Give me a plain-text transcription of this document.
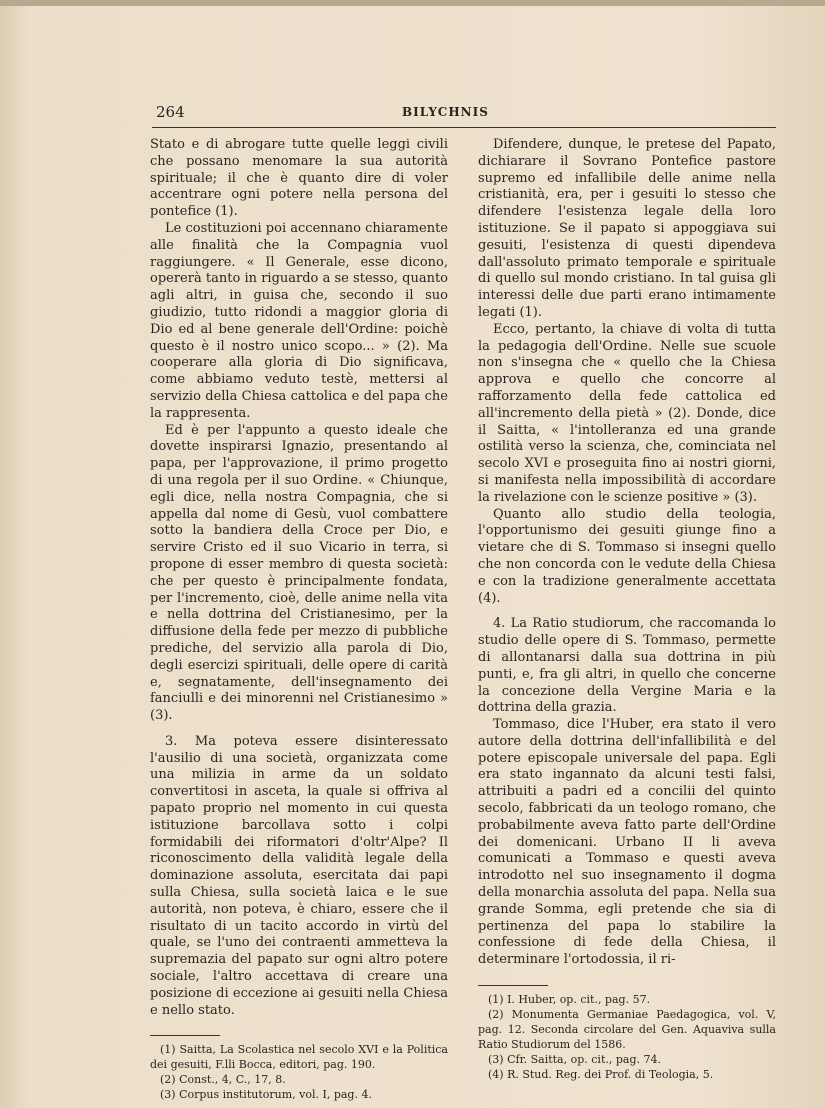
264	BILYCHNIS

Stato e di abrogare tutte quelle leggi civili che possano menomare la sua autorità spirituale; il che è quanto dire di voler accentrare ogni potere nella persona del pontefice (1).

Le costituzioni poi accennano chiaramente alle finalità che la Compagnia vuol raggiungere. « Il Generale, esse dicono, opererà tanto in riguardo a se stesso, quanto agli altri, in guisa che, secondo il suo giudizio, tutto ridondi a maggior gloria di Dio ed al bene generale dell'Ordine: poichè questo è il nostro unico scopo... » (2). Ma cooperare alla gloria di Dio significava, come abbiamo veduto testè, mettersi al servizio della Chiesa cattolica e del papa che la rappresenta.

Ed è per l'appunto a questo ideale che dovette inspirarsi Ignazio, presentando al papa, per l'approvazione, il primo progetto di una regola per il suo Ordine. « Chiunque, egli dice, nella nostra Compagnia, che si appella dal nome di Gesù, vuol combattere sotto la bandiera della Croce per Dio, e servire Cristo ed il suo Vicario in terra, si propone di esser membro di questa società: che per questo è principalmente fondata, per l'incremento, cioè, delle anime nella vita e nella dottrina del Cristianesimo, per la diffusione della fede per mezzo di pubbliche prediche, del servizio alla parola di Dio, degli esercizi spirituali, delle opere di carità e, segnatamente, dell'insegnamento dei fanciulli e dei minorenni nel Cristianesimo » (3).

3. Ma poteva essere disinteressato l'ausilio di una società, organizzata come una milizia in arme da un soldato convertitosi in asceta, la quale si offriva al papato proprio nel momento in cui questa istituzione barcollava sotto i colpi formidabili dei riformatori d'oltr'Alpe? Il riconoscimento della validità legale della dominazione assoluta, esercitata dai papi sulla Chiesa, sulla società laica e le sue autorità, non poteva, è chiaro, essere che il risultato di un tacito accordo in virtù del quale, se l'uno dei contraenti ammetteva la supremazia del papato sur ogni altro potere sociale, l'altro accettava di creare una posizione di eccezione ai gesuiti nella Chiesa e nello stato.

(1) Saitta, La Scolastica nel secolo XVI e la Politica dei gesuiti, F.lli Bocca, editori, pag. 190.
(2) Const., 4, C., 17, 8.
(3) Corpus institutorum, vol. I, pag. 4.

Difendere, dunque, le pretese del Papato, dichiarare il Sovrano Pontefice pastore supremo ed infallibile delle anime nella cristianità, era, per i gesuiti lo stesso che difendere l'esistenza legale della loro istituzione. Se il papato si appoggiava sui gesuiti, l'esistenza di questi dipendeva dall'assoluto primato temporale e spirituale di quello sul mondo cristiano. In tal guisa gli interessi delle due parti erano intimamente legati (1).

Ecco, pertanto, la chiave di volta di tutta la pedagogia dell'Ordine. Nelle sue scuole non s'insegna che « quello che la Chiesa approva e quello che concorre al rafforzamento della fede cattolica ed all'incremento della pietà » (2). Donde, dice il Saitta, « l'intolleranza ed una grande ostilità verso la scienza, che, cominciata nel secolo XVI e proseguita fino ai nostri giorni, si manifesta nella impossibilità di accordare la rivelazione con le scienze positive » (3).

Quanto allo studio della teologia, l'opportunismo dei gesuiti giunge fino a vietare che di S. Tommaso si insegni quello che non concorda con le vedute della Chiesa e con la tradizione generalmente accettata (4).

4. La Ratio studiorum, che raccomanda lo studio delle opere di S. Tommaso, permette di allontanarsi dalla sua dottrina in più punti, e, fra gli altri, in quello che concerne la concezione della Vergine Maria e la dottrina della grazia.

Tommaso, dice l'Huber, era stato il vero autore della dottrina dell'infallibilità e del potere episcopale universale del papa. Egli era stato ingannato da alcuni testi falsi, attribuiti a padri ed a concilii del quinto secolo, fabbricati da un teologo romano, che probabilmente aveva fatto parte dell'Ordine dei domenicani. Urbano II li aveva comunicati a Tommaso e questi aveva introdotto nel suo insegnamento il dogma della monarchia assoluta del papa. Nella sua grande Somma, egli pretende che sia di pertinenza del papa lo stabilire la confessione di fede della Chiesa, il determinare l'ortodossia, il ri-

(1) I. Huber, op. cit., pag. 57.
(2) Monumenta Germaniae Paedagogica, vol. V, pag. 12. Seconda circolare del Gen. Aquaviva sulla Ratio Studiorum del 1586.
(3) Cfr. Saitta, op. cit., pag. 74.
(4) R. Stud. Reg. dei Prof. di Teologia, 5.
